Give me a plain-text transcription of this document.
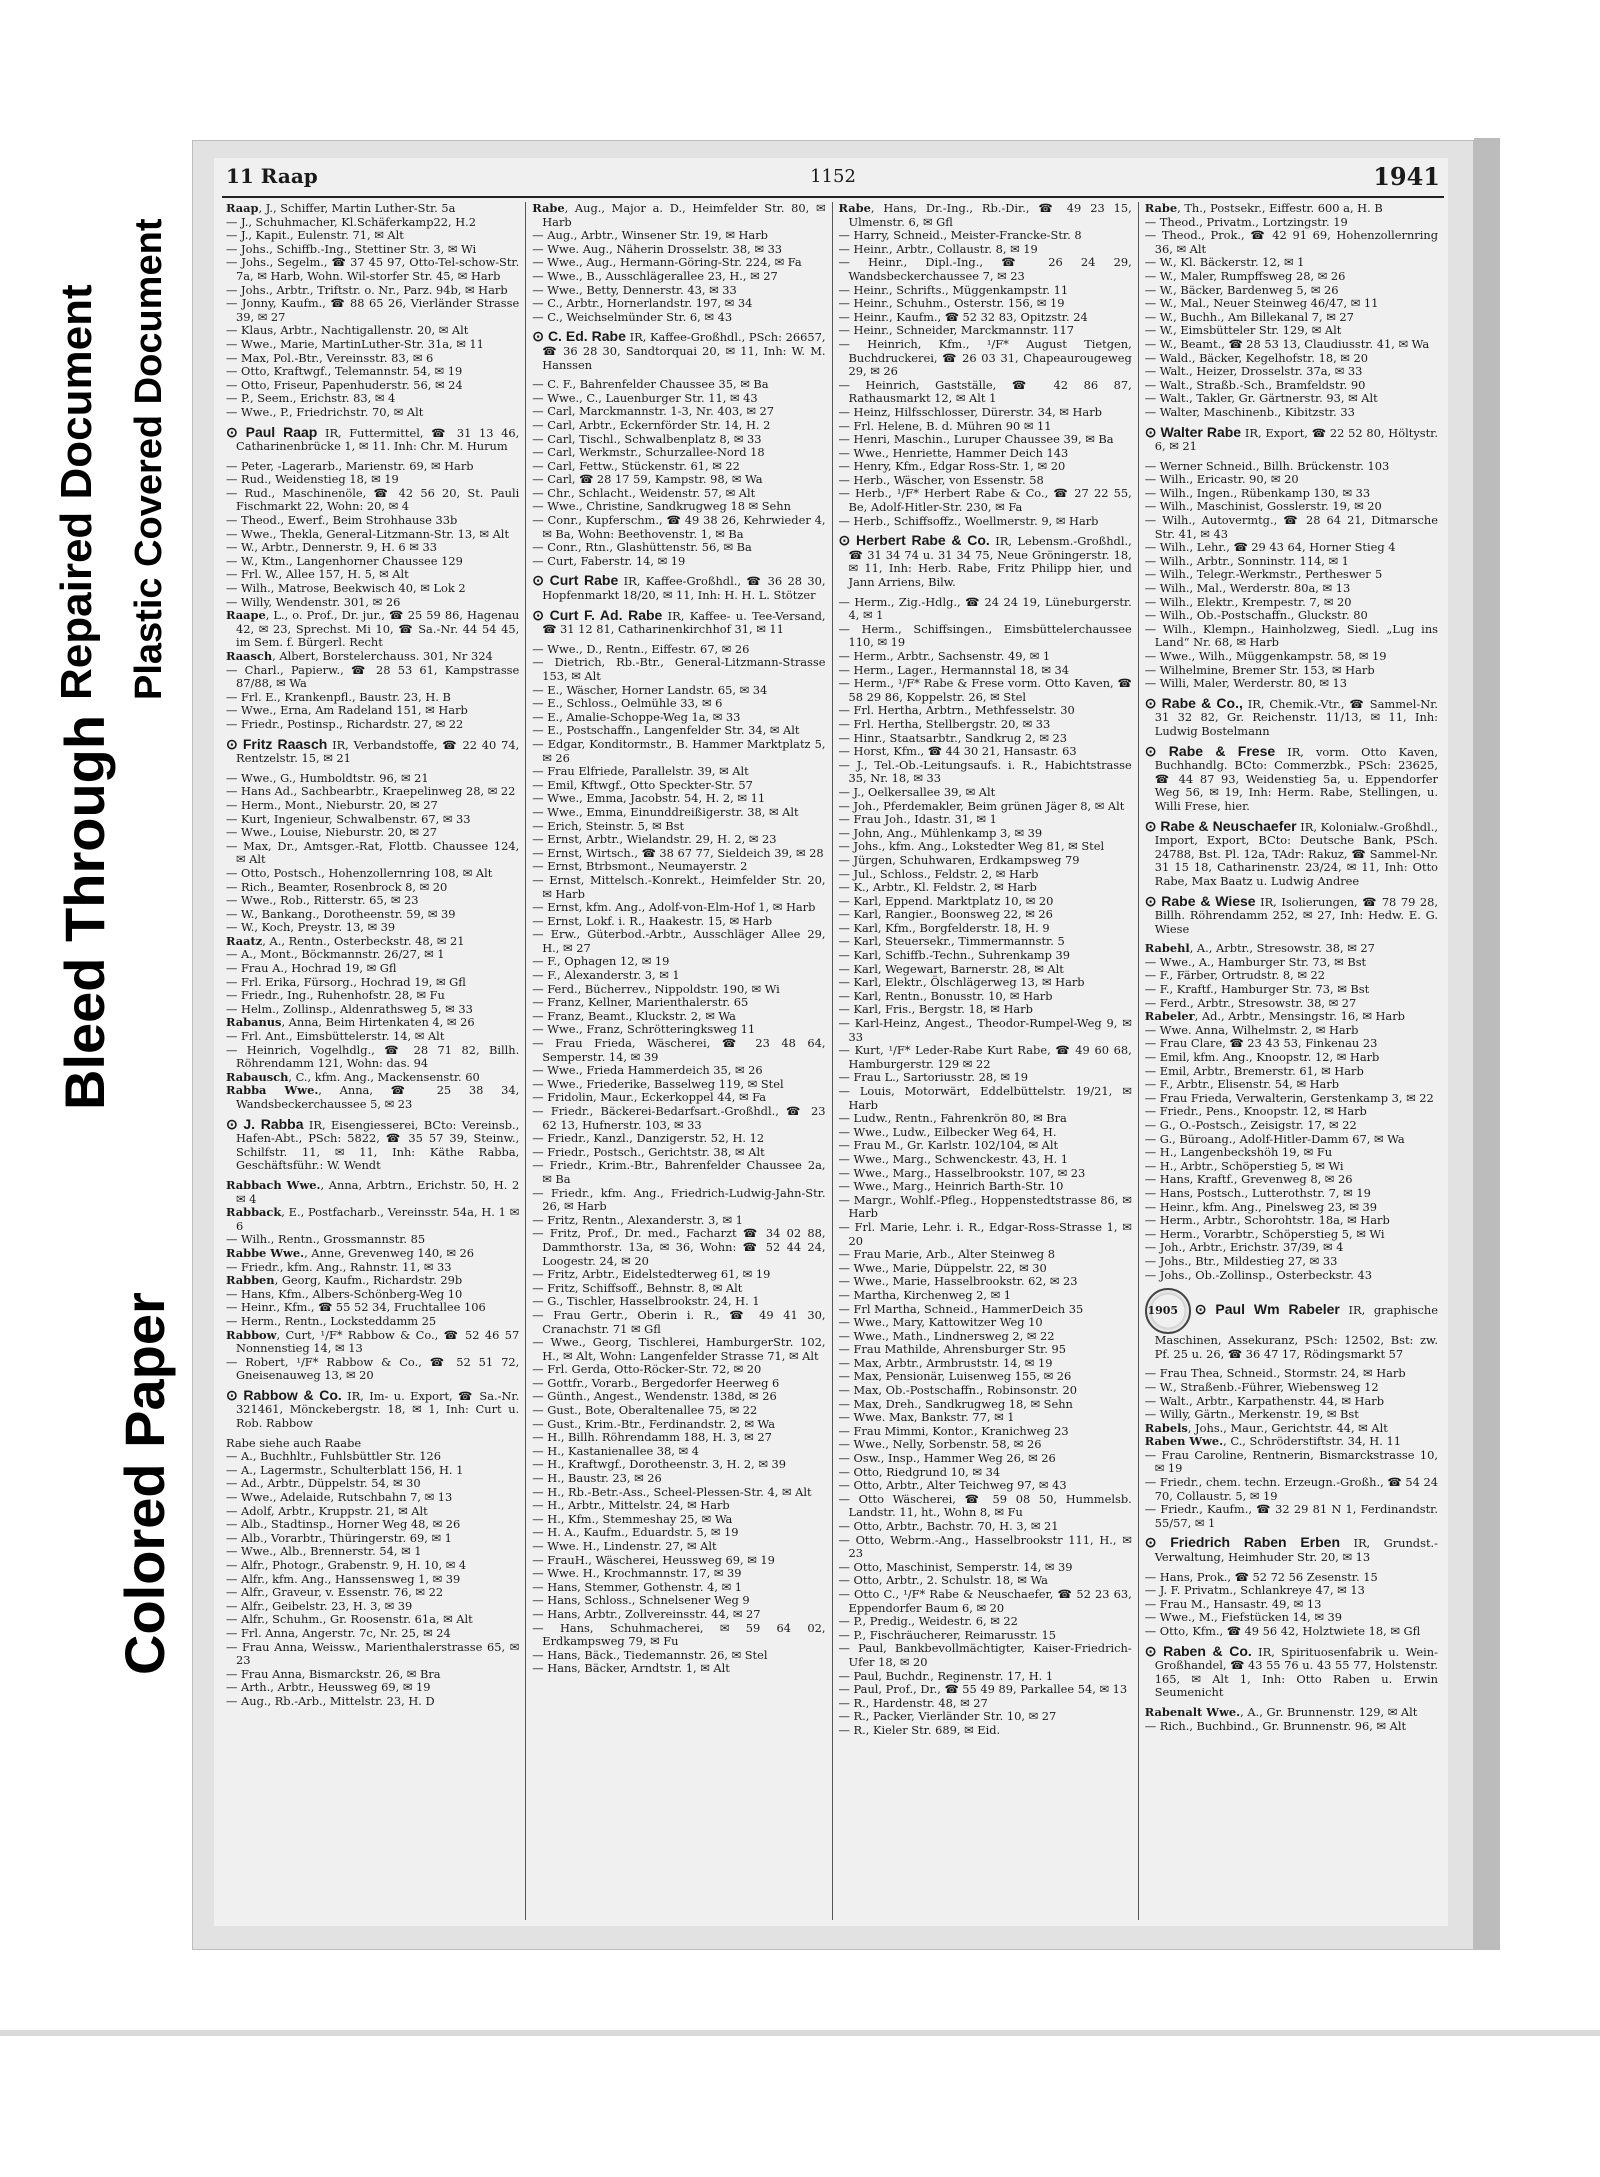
Colored Paper
Bleed Through
Repaired Document Plastic Covered Document
11 Raap	1152	1941

Raap, J., Schiffer, Martin Luther-Str. 5a

— J., Schuhmacher, Kl.Schäferkamp22, H.2

— J., Kapit., Eulenstr. 71, ✉ Alt

— Johs., Schiffb.-Ing., Stettiner Str. 3, ✉ Wi

— Johs., Segelm., ☎ 37 45 97, Otto-Tel-schow-Str. 7a, ✉ Harb, Wohn. Wil-storfer Str. 45, ✉ Harb

— Johs., Arbtr., Triftstr. o. Nr., Parz. 94b, ✉ Harb

— Jonny, Kaufm., ☎ 88 65 26, Vierländer Strasse 39, ✉ 27

— Klaus, Arbtr., Nachtigallenstr. 20, ✉ Alt

— Wwe., Marie, MartinLuther-Str. 31a, ✉ 11

— Max, Pol.-Btr., Vereinsstr. 83, ✉ 6

— Otto, Kraftwgf., Telemannstr. 54, ✉ 19

— Otto, Friseur, Papenhuderstr. 56, ✉ 24

— P., Seem., Erichstr. 83, ✉ 4

— Wwe., P., Friedrichstr. 70, ✉ Alt

⊙ Paul Raap IR, Futtermittel, ☎ 31 13 46, Catharinenbrücke 1, ✉ 11. Inh: Chr. M. Hurum

— Peter, -Lagerarb., Marienstr. 69, ✉ Harb

— Rud., Weidenstieg 18, ✉ 19

— Rud., Maschinenöle, ☎ 42 56 20, St. Pauli Fischmarkt 22, Wohn: 20, ✉ 4

— Theod., Ewerf., Beim Strohhause 33b

— Wwe., Thekla, General-Litzmann-Str. 13, ✉ Alt

— W., Arbtr., Dennerstr. 9, H. 6 ✉ 33

— W., Ktm., Langenhorner Chaussee 129

— Frl. W., Allee 157, H. 5, ✉ Alt

— Wilh., Matrose, Beekwisch 40, ✉ Lok 2

— Willy, Wendenstr. 301, ✉ 26

Raape, L., o. Prof., Dr. jur., ☎ 25 59 86, Hagenau 42, ✉ 23, Sprechst. Mi 10, ☎ Sa.-Nr. 44 54 45, im Sem. f. Bürgerl. Recht

Raasch, Albert, Borstelerchauss. 301, Nr 324

— Charl., Papierw., ☎ 28 53 61, Kampstrasse 87/88, ✉ Wa

— Frl. E., Krankenpfl., Baustr. 23, H. B

— Wwe., Erna, Am Radeland 151, ✉ Harb

— Friedr., Postinsp., Richardstr. 27, ✉ 22

⊙ Fritz Raasch IR, Verbandstoffe, ☎ 22 40 74, Rentzelstr. 15, ✉ 21

— Wwe., G., Humboldtstr. 96, ✉ 21

— Hans Ad., Sachbearbtr., Kraepelinweg 28, ✉ 22

— Herm., Mont., Nieburstr. 20, ✉ 27

— Kurt, Ingenieur, Schwalbenstr. 67, ✉ 33

— Wwe., Louise, Nieburstr. 20, ✉ 27

— Max, Dr., Amtsger.-Rat, Flottb. Chaussee 124, ✉ Alt

— Otto, Postsch., Hohenzollernring 108, ✉ Alt

— Rich., Beamter, Rosenbrock 8, ✉ 20

— Wwe., Rob., Ritterstr. 65, ✉ 23

— W., Bankang., Dorotheenstr. 59, ✉ 39

— W., Koch, Preystr. 13, ✉ 39

Raatz, A., Rentn., Osterbeckstr. 48, ✉ 21

— A., Mont., Böckmannstr. 26/27, ✉ 1

— Frau A., Hochrad 19, ✉ Gfl

— Frl. Erika, Fürsorg., Hochrad 19, ✉ Gfl

— Friedr., Ing., Ruhenhofstr. 28, ✉ Fu

— Helm., Zollinsp., Aldenrathsweg 5, ✉ 33

Rabanus, Anna, Beim Hirtenkaten 4, ✉ 26

— Frl. Ant., Eimsbüttelerstr. 14, ✉ Alt

— Heinrich, Vogelhdlg., ☎ 28 71 82, Billh. Röhrendamm 121, Wohn: das. 94

Rabausch, C., kfm. Ang., Mackensenstr. 60

Rabba Wwe., Anna, ☎ 25 38 34, Wandsbeckerchaussee 5, ✉ 23

⊙ J. Rabba IR, Eisengiesserei, BCto: Vereinsb., Hafen-Abt., PSch: 5822, ☎ 35 57 39, Steinw., Schilfstr. 11, ✉ 11, Inh: Käthe Rabba, Geschäftsführ.: W. Wendt

Rabbach Wwe., Anna, Arbtrn., Erichstr. 50, H. 2 ✉ 4

Rabback, E., Postfacharb., Vereinsstr. 54a, H. 1 ✉ 6

— Wilh., Rentn., Grossmannstr. 85

Rabbe Wwe., Anne, Grevenweg 140, ✉ 26

— Friedr., kfm. Ang., Rahnstr. 11, ✉ 33

Rabben, Georg, Kaufm., Richardstr. 29b

— Hans, Kfm., Albers-Schönberg-Weg 10

— Heinr., Kfm., ☎ 55 52 34, Fruchtallee 106

— Herm., Rentn., Locksteddamm 25

Rabbow, Curt, ¹/F* Rabbow & Co., ☎ 52 46 57 Nonnenstieg 14, ✉ 13

— Robert, ¹/F* Rabbow & Co., ☎ 52 51 72, Gneisenauweg 13, ✉ 20

⊙ Rabbow & Co. IR, Im- u. Export, ☎ Sa.-Nr. 321461, Mönckebergstr. 18, ✉ 1, Inh: Curt u. Rob. Rabbow

Rabe siehe auch Raabe

— A., Buchhltr., Fuhlsbüttler Str. 126

— A., Lagermstr., Schulterblatt 156, H. 1

— Ad., Arbtr., Düppelstr. 54, ✉ 30

— Wwe., Adelaide, Rutschbahn 7, ✉ 13

— Adolf, Arbtr., Kruppstr. 21, ✉ Alt

— Alb., Stadtinsp., Horner Weg 48, ✉ 26

— Alb., Vorarbtr., Thüringerstr. 69, ✉ 1

— Wwe., Alb., Brennerstr. 54, ✉ 1

— Alfr., Photogr., Grabenstr. 9, H. 10, ✉ 4

— Alfr., kfm. Ang., Hanssensweg 1, ✉ 39

— Alfr., Graveur, v. Essenstr. 76, ✉ 22

— Alfr., Geibelstr. 23, H. 3, ✉ 39

— Alfr., Schuhm., Gr. Roosenstr. 61a, ✉ Alt

— Frl. Anna, Angerstr. 7c, Nr. 25, ✉ 24

— Frau Anna, Weissw., Marienthalerstrasse 65, ✉ 23

— Frau Anna, Bismarckstr. 26, ✉ Bra

— Arth., Arbtr., Heussweg 69, ✉ 19

— Aug., Rb.-Arb., Mittelstr. 23, H. D

Rabe, Aug., Major a. D., Heimfelder Str. 80, ✉ Harb

— Aug., Arbtr., Winsener Str. 19, ✉ Harb

— Wwe. Aug., Näherin Drosselstr. 38, ✉ 33

— Wwe., Aug., Hermann-Göring-Str. 224, ✉ Fa

— Wwe., B., Ausschlägerallee 23, H., ✉ 27

— Wwe., Betty, Dennerstr. 43, ✉ 33

— C., Arbtr., Hornerlandstr. 197, ✉ 34

— C., Weichselmünder Str. 6, ✉ 43

⊙ C. Ed. Rabe IR, Kaffee-Großhdl., PSch: 26657, ☎ 36 28 30, Sandtorquai 20, ✉ 11, Inh: W. M. Hanssen

— C. F., Bahrenfelder Chaussee 35, ✉ Ba

— Wwe., C., Lauenburger Str. 11, ✉ 43

— Carl, Marckmannstr. 1-3, Nr. 403, ✉ 27

— Carl, Arbtr., Eckernförder Str. 14, H. 2

— Carl, Tischl., Schwalbenplatz 8, ✉ 33

— Carl, Werkmstr., Schurzallee-Nord 18

— Carl, Fettw., Stückenstr. 61, ✉ 22

— Carl, ☎ 28 17 59, Kampstr. 98, ✉ Wa

— Chr., Schlacht., Weidenstr. 57, ✉ Alt

— Wwe., Christine, Sandkrugweg 18 ✉ Sehn

— Conr., Kupferschm., ☎ 49 38 26, Kehrwieder 4, ✉ Ba, Wohn: Beethovenstr. 1, ✉ Ba

— Conr., Rtn., Glashüttenstr. 56, ✉ Ba

— Curt, Faberstr. 14, ✉ 19

⊙ Curt Rabe IR, Kaffee-Großhdl., ☎ 36 28 30, Hopfenmarkt 18/20, ✉ 11, Inh: H. H. L. Stötzer

⊙ Curt F. Ad. Rabe IR, Kaffee- u. Tee-Versand, ☎ 31 12 81, Catharinenkirchhof 31, ✉ 11

— Wwe., D., Rentn., Eiffestr. 67, ✉ 26

— Dietrich, Rb.-Btr., General-Litzmann-Strasse 153, ✉ Alt

— E., Wäscher, Horner Landstr. 65, ✉ 34

— E., Schloss., Oelmühle 33, ✉ 6

— E., Amalie-Schoppe-Weg 1a, ✉ 33

— E., Postschaffn., Langenfelder Str. 34, ✉ Alt

— Edgar, Konditormstr., B. Hammer Marktplatz 5, ✉ 26

— Frau Elfriede, Parallelstr. 39, ✉ Alt

— Emil, Kftwgf., Otto Speckter-Str. 57

— Wwe., Emma, Jacobstr. 54, H. 2, ✉ 11

— Wwe., Emma, Einunddreißigerstr. 38, ✉ Alt

— Erich, Steinstr. 5, ✉ Bst

— Ernst, Arbtr., Wielandstr. 29, H. 2, ✉ 23

— Ernst, Wirtsch., ☎ 38 67 77, Sieldeich 39, ✉ 28

— Ernst, Btrbsmont., Neumayerstr. 2

— Ernst, Mittelsch.-Konrekt., Heimfelder Str. 20, ✉ Harb

— Ernst, kfm. Ang., Adolf-von-Elm-Hof 1, ✉ Harb

— Ernst, Lokf. i. R., Haakestr. 15, ✉ Harb

— Erw., Güterbod.-Arbtr., Ausschläger Allee 29, H., ✉ 27

— F., Ophagen 12, ✉ 19

— F., Alexanderstr. 3, ✉ 1

— Ferd., Bücherrev., Nippoldstr. 190, ✉ Wi

— Franz, Kellner, Marienthalerstr. 65

— Franz, Beamt., Kluckstr. 2, ✉ Wa

— Wwe., Franz, Schrötteringksweg 11

— Frau Frieda, Wäscherei, ☎ 23 48 64, Semperstr. 14, ✉ 39

— Wwe., Frieda Hammerdeich 35, ✉ 26

— Wwe., Friederike, Basselweg 119, ✉ Stel

— Fridolin, Maur., Eckerkoppel 44, ✉ Fa

— Friedr., Bäckerei-Bedarfsart.-Großhdl., ☎ 23 62 13, Hufnerstr. 103, ✉ 33

— Friedr., Kanzl., Danzigerstr. 52, H. 12

— Friedr., Postsch., Gerichtstr. 38, ✉ Alt

— Friedr., Krim.-Btr., Bahrenfelder Chaussee 2a, ✉ Ba

— Friedr., kfm. Ang., Friedrich-Ludwig-Jahn-Str. 26, ✉ Harb

— Fritz, Rentn., Alexanderstr. 3, ✉ 1

— Fritz, Prof., Dr. med., Facharzt ☎ 34 02 88, Dammthorstr. 13a, ✉ 36, Wohn: ☎ 52 44 24, Loogestr. 24, ✉ 20

— Fritz, Arbtr., Eidelstedterweg 61, ✉ 19

— Fritz, Schiffsoff., Behnstr. 8, ✉ Alt

— G., Tischler, Hasselbrookstr. 24, H. 1

— Frau Gertr., Oberin i. R., ☎ 49 41 30, Cranachstr. 71 ✉ Gfl

— Wwe., Georg, Tischlerei, HamburgerStr. 102, H., ✉ Alt, Wohn: Langenfelder Strasse 71, ✉ Alt

— Frl. Gerda, Otto-Röcker-Str. 72, ✉ 20

— Gottfr., Vorarb., Bergedorfer Heerweg 6

— Günth., Angest., Wendenstr. 138d, ✉ 26

— Gust., Bote, Oberaltenallee 75, ✉ 22

— Gust., Krim.-Btr., Ferdinandstr. 2, ✉ Wa

— H., Billh. Röhrendamm 188, H. 3, ✉ 27

— H., Kastanienallee 38, ✉ 4

— H., Kraftwgf., Dorotheenstr. 3, H. 2, ✉ 39

— H., Baustr. 23, ✉ 26

— H., Rb.-Betr.-Ass., Scheel-Plessen-Str. 4, ✉ Alt

— H., Arbtr., Mittelstr. 24, ✉ Harb

— H., Kfm., Stemmeshay 25, ✉ Wa

— H. A., Kaufm., Eduardstr. 5, ✉ 19

— Wwe. H., Lindenstr. 27, ✉ Alt

— FrauH., Wäscherei, Heussweg 69, ✉ 19

— Wwe. H., Krochmannstr. 17, ✉ 39

— Hans, Stemmer, Gothenstr. 4, ✉ 1

— Hans, Schloss., Schnelsener Weg 9

— Hans, Arbtr., Zollvereinsstr. 44, ✉ 27

— Hans, Schuhmacherei, ✉ 59 64 02, Erdkampsweg 79, ✉ Fu

— Hans, Bäck., Tiedemannstr. 26, ✉ Stel

— Hans, Bäcker, Arndtstr. 1, ✉ Alt

Rabe, Hans, Dr.-Ing., Rb.-Dir., ☎ 49 23 15, Ulmenstr. 6, ✉ Gfl

— Harry, Schneid., Meister-Francke-Str. 8

— Heinr., Arbtr., Collaustr. 8, ✉ 19

— Heinr., Dipl.-Ing., ☎ 26 24 29, Wandsbeckerchaussee 7, ✉ 23

— Heinr., Schrifts., Müggenkampstr. 11

— Heinr., Schuhm., Osterstr. 156, ✉ 19

— Heinr., Kaufm., ☎ 52 32 83, Opitzstr. 24

— Heinr., Schneider, Marckmannstr. 117

— Heinrich, Kfm., ¹/F* August Tietgen, Buchdruckerei, ☎ 26 03 31, Chapeaurougeweg 29, ✉ 26

— Heinrich, Gastställe, ☎ 42 86 87, Rathausmarkt 12, ✉ Alt 1

— Heinz, Hilfsschlosser, Dürerstr. 34, ✉ Harb

— Frl. Helene, B. d. Mühren 90 ✉ 11

— Henri, Maschin., Luruper Chaussee 39, ✉ Ba

— Wwe., Henriette, Hammer Deich 143

— Henry, Kfm., Edgar Ross-Str. 1, ✉ 20

— Herb., Wäscher, von Essenstr. 58

— Herb., ¹/F* Herbert Rabe & Co., ☎ 27 22 55, Be, Adolf-Hitler-Str. 230, ✉ Fa

— Herb., Schiffsoffz., Woellmerstr. 9, ✉ Harb

⊙ Herbert Rabe & Co. IR, Lebensm.-Großhdl., ☎ 31 34 74 u. 31 34 75, Neue Gröningerstr. 18, ✉ 11, Inh: Herb. Rabe, Fritz Philipp hier, und Jann Arriens, Bilw.

— Herm., Zig.-Hdlg., ☎ 24 24 19, Lüneburgerstr. 4, ✉ 1

— Herm., Schiffsingen., Eimsbüttelerchaussee 110, ✉ 19

— Herm., Arbtr., Sachsenstr. 49, ✉ 1

— Herm., Lager., Hermannstal 18, ✉ 34

— Herm., ¹/F* Rabe & Frese vorm. Otto Kaven, ☎ 58 29 86, Koppelstr. 26, ✉ Stel

— Frl. Hertha, Arbtrn., Methfesselstr. 30

— Frl. Hertha, Stellbergstr. 20, ✉ 33

— Hinr., Staatsarbtr., Sandkrug 2, ✉ 23

— Horst, Kfm., ☎ 44 30 21, Hansastr. 63

— J., Tel.-Ob.-Leitungsaufs. i. R., Habichtstrasse 35, Nr. 18, ✉ 33

— J., Oelkersallee 39, ✉ Alt

— Joh., Pferdemakler, Beim grünen Jäger 8, ✉ Alt

— Frau Joh., Idastr. 31, ✉ 1

— John, Ang., Mühlenkamp 3, ✉ 39

— Johs., kfm. Ang., Lokstedter Weg 81, ✉ Stel

— Jürgen, Schuhwaren, Erdkampsweg 79

— Jul., Schloss., Feldstr. 2, ✉ Harb

— K., Arbtr., Kl. Feldstr. 2, ✉ Harb

— Karl, Eppend. Marktplatz 10, ✉ 20

— Karl, Rangier., Boonsweg 22, ✉ 26

— Karl, Kfm., Borgfelderstr. 18, H. 9

— Karl, Steuersekr., Timmermannstr. 5

— Karl, Schiffb.-Techn., Suhrenkamp 39

— Karl, Wegewart, Barnerstr. 28, ✉ Alt

— Karl, Elektr., Ölschlägerweg 13, ✉ Harb

— Karl, Rentn., Bonusstr. 10, ✉ Harb

— Karl, Fris., Bergstr. 18, ✉ Harb

— Karl-Heinz, Angest., Theodor-Rumpel-Weg 9, ✉ 33

— Kurt, ¹/F* Leder-Rabe Kurt Rabe, ☎ 49 60 68, Hamburgerstr. 129 ✉ 22

— Frau L., Sartoriusstr. 28, ✉ 19

— Louis, Motorwärt, Eddelbüttelstr. 19/21, ✉ Harb

— Ludw., Rentn., Fahrenkrön 80, ✉ Bra

— Wwe., Ludw., Eilbecker Weg 64, H.

— Frau M., Gr. Karlstr. 102/104, ✉ Alt

— Wwe., Marg., Schwenckestr. 43, H. 1

— Wwe., Marg., Hasselbrookstr. 107, ✉ 23

— Wwe., Marg., Heinrich Barth-Str. 10

— Margr., Wohlf.-Pfleg., Hoppenstedtstrasse 86, ✉ Harb

— Frl. Marie, Lehr. i. R., Edgar-Ross-Strasse 1, ✉ 20

— Frau Marie, Arb., Alter Steinweg 8

— Wwe., Marie, Düppelstr. 22, ✉ 30

— Wwe., Marie, Hasselbrookstr. 62, ✉ 23

— Martha, Kirchenweg 2, ✉ 1

— Frl Martha, Schneid., HammerDeich 35

— Wwe., Mary, Kattowitzer Weg 10

— Wwe., Math., Lindnersweg 2, ✉ 22

— Frau Mathilde, Ahrensburger Str. 95

— Max, Arbtr., Armbruststr. 14, ✉ 19

— Max, Pensionär, Luisenweg 155, ✉ 26

— Max, Ob.-Postschaffn., Robinsonstr. 20

— Max, Dreh., Sandkrugweg 18, ✉ Sehn

— Wwe. Max, Bankstr. 77, ✉ 1

— Frau Mimmi, Kontor., Kranichweg 23

— Wwe., Nelly, Sorbenstr. 58, ✉ 26

— Osw., Insp., Hammer Weg 26, ✉ 26

— Otto, Riedgrund 10, ✉ 34

— Otto, Arbtr., Alter Teichweg 97, ✉ 43

— Otto Wäscherei, ☎ 59 08 50, Hummelsb. Landstr. 11, ht., Wohn 8, ✉ Fu

— Otto, Arbtr., Bachstr. 70, H. 3, ✉ 21

— Otto, Webrm.-Ang., Hasselbrookstr 111, H., ✉ 23

— Otto, Maschinist, Semperstr. 14, ✉ 39

— Otto, Arbtr., 2. Schulstr. 18, ✉ Wa

— Otto C., ¹/F* Rabe & Neuschaefer, ☎ 52 23 63, Eppendorfer Baum 6, ✉ 20

— P., Predig., Weidestr. 6, ✉ 22

— P., Fischräucherer, Reimarusstr. 15

— Paul, Bankbevollmächtigter, Kaiser-Friedrich-Ufer 18, ✉ 20

— Paul, Buchdr., Reginenstr. 17, H. 1

— Paul, Prof., Dr., ☎ 55 49 89, Parkallee 54, ✉ 13

— R., Hardenstr. 48, ✉ 27

— R., Packer, Vierländer Str. 10, ✉ 27

— R., Kieler Str. 689, ✉ Eid.

Rabe, Th., Postsekr., Eiffestr. 600 a, H. B

— Theod., Privatm., Lortzingstr. 19

— Theod., Prok., ☎ 42 91 69, Hohenzollernring 36, ✉ Alt

— W., Kl. Bäckerstr. 12, ✉ 1

— W., Maler, Rumpffsweg 28, ✉ 26

— W., Bäcker, Bardenweg 5, ✉ 26

— W., Mal., Neuer Steinweg 46/47, ✉ 11

— W., Buchh., Am Billekanal 7, ✉ 27

— W., Eimsbütteler Str. 129, ✉ Alt

— W., Beamt., ☎ 28 53 13, Claudiusstr. 41, ✉ Wa

— Wald., Bäcker, Kegelhofstr. 18, ✉ 20

— Walt., Heizer, Drosselstr. 37a, ✉ 33

— Walt., Straßb.-Sch., Bramfeldstr. 90

— Walt., Takler, Gr. Gärtnerstr. 93, ✉ Alt

— Walter, Maschinenb., Kibitzstr. 33

⊙ Walter Rabe IR, Export, ☎ 22 52 80, Höltystr. 6, ✉ 21

— Werner Schneid., Billh. Brückenstr. 103

— Wilh., Ericastr. 90, ✉ 20

— Wilh., Ingen., Rübenkamp 130, ✉ 33

— Wilh., Maschinist, Gosslerstr. 19, ✉ 20

— Wilh., Autovermtg., ☎ 28 64 21, Ditmarsche Str. 41, ✉ 43

— Wilh., Lehr., ☎ 29 43 64, Horner Stieg 4

— Wilh., Arbtr., Sonninstr. 114, ✉ 1

— Wilh., Telegr.-Werkmstr., Pertheswег 5

— Wilh., Mal., Werderstr. 80a, ✉ 13

— Wilh., Elektr., Krempestr. 7, ✉ 20

— Wilh., Ob.-Postschaffn., Gluckstr. 80

— Wilh., Klempn., Hainholzweg, Siedl. „Lug ins Land“ Nr. 68, ✉ Harb

— Wwe., Wilh., Müggenkampstr. 58, ✉ 19

— Wilhelmine, Bremer Str. 153, ✉ Harb

— Willi, Maler, Werderstr. 80, ✉ 13

⊙ Rabe & Co., IR, Chemik.-Vtr., ☎ Sammel-Nr. 31 32 82, Gr. Reichenstr. 11/13, ✉ 11, Inh: Ludwig Bostelmann

⊙ Rabe & Frese IR, vorm. Otto Kaven, Buchhandlg. BCto: Commerzbk., PSch: 23625, ☎ 44 87 93, Weidenstieg 5a, u. Eppendorfer Weg 56, ✉ 19, Inh: Herm. Rabe, Stellingen, u. Willi Frese, hier.

⊙ Rabe & Neuschaefer IR, Kolonialw.-Großhdl., Import, Export, BCto: Deutsche Bank, PSch. 24788, Bst. Pl. 12a, TAdr: Rakuz, ☎ Sammel-Nr. 31 15 18, Catharinenstr. 23/24, ✉ 11, Inh: Otto Rabe, Max Baatz u. Ludwig Andree

⊙ Rabe & Wiese IR, Isolierungen, ☎ 78 79 28, Billh. Röhrendamm 252, ✉ 27, Inh: Hedw. E. G. Wiese

Rabehl, A., Arbtr., Stresowstr. 38, ✉ 27

— Wwe., A., Hamburger Str. 73, ✉ Bst

— F., Färber, Ortrudstr. 8, ✉ 22

— F., Kraftf., Hamburger Str. 73, ✉ Bst

— Ferd., Arbtr., Stresowstr. 38, ✉ 27

Rabeler, Ad., Arbtr., Mensingstr. 16, ✉ Harb

— Wwe. Anna, Wilhelmstr. 2, ✉ Harb

— Frau Clare, ☎ 23 43 53, Finkenau 23

— Emil, kfm. Ang., Knoopstr. 12, ✉ Harb

— Emil, Arbtr., Bremerstr. 61, ✉ Harb

— F., Arbtr., Elisenstr. 54, ✉ Harb

— Frau Frieda, Verwalterin, Gerstenkamp 3, ✉ 22

— Friedr., Pens., Knoopstr. 12, ✉ Harb

— G., O.-Postsch., Zeisigstr. 17, ✉ 22

— G., Büroang., Adolf-Hitler-Damm 67, ✉ Wa

— H., Langenbeckshöh 19, ✉ Fu

— H., Arbtr., Schöperstieg 5, ✉ Wi

— Hans, Kraftf., Grevenweg 8, ✉ 26

— Hans, Postsch., Lutterothstr. 7, ✉ 19

— Heinr., kfm. Ang., Pinelsweg 23, ✉ 39

— Herm., Arbtr., Schorohtstr. 18a, ✉ Harb

— Herm., Vorarbtr., Schöperstieg 5, ✉ Wi

— Joh., Arbtr., Erichstr. 37/39, ✉ 4

— Johs., Btr., Mildestieg 27, ✉ 33

— Johs., Ob.-Zollinsp., Osterbeckstr. 43

1905 ⊙ Paul Wm Rabeler IR, graphische Maschinen, Assekuranz, PSch: 12502, Bst: zw. Pf. 25 u. 26, ☎ 36 47 17, Rödingsmarkt 57

— Frau Thea, Schneid., Stormstr. 24, ✉ Harb

— W., Straßenb.-Führer, Wiebensweg 12

— Walt., Arbtr., Karpathenstr. 44, ✉ Harb

— Willy, Gärtn., Merkenstr. 19, ✉ Bst

Rabels, Johs., Maur., Gerichtstr. 44, ✉ Alt

Raben Wwe., C., Schröderstiftstr. 34, H. 11

— Frau Caroline, Rentnerin, Bismarckstrasse 10, ✉ 19

— Friedr., chem. techn. Erzeugn.-Großh., ☎ 54 24 70, Collaustr. 5, ✉ 19

— Friedr., Kaufm., ☎ 32 29 81 N 1, Ferdinandstr. 55/57, ✉ 1

⊙ Friedrich Raben Erben IR, Grundst.-Verwaltung, Heimhuder Str. 20, ✉ 13

— Hans, Prok., ☎ 52 72 56 Zesenstr. 15

— J. F. Privatm., Schlankreye 47, ✉ 13

— Frau M., Hansastr. 49, ✉ 13

— Wwe., M., Fiefstücken 14, ✉ 39

— Otto, Kfm., ☎ 49 56 42, Holztwiete 18, ✉ Gfl

⊙ Raben & Co. IR, Spirituosenfabrik u. Wein-Großhandel, ☎ 43 55 76 u. 43 55 77, Holstenstr. 165, ✉ Alt 1, Inh: Otto Raben u. Erwin Seumenicht

Rabenalt Wwe., A., Gr. Brunnenstr. 129, ✉ Alt

— Rich., Buchbind., Gr. Brunnenstr. 96, ✉ Alt
